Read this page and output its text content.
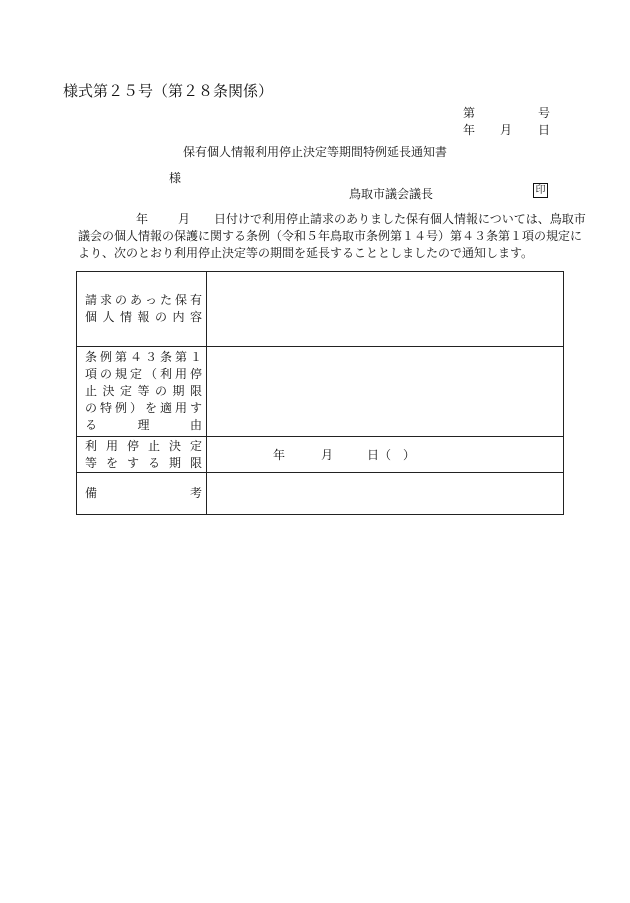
様式第２５号（第２８条関係）
第	号
年 月 日
保有個人情報利用停止決定等期間特例延長通知書
様
鳥取市議会議長	印
年	月 日付けで利用停止請求のありました保有個人情報については、鳥取市
議会の個人情報の保護に関する条例（令和５年鳥取市条例第１４号）第４３条第１項の規定に
より、次のとおり利用停止決定等の期間を延長することとしましたので通知します。
請求のあった保有
個人情報の内容	

条例第４３条第１
項の規定（利用停
止決定等の期限
の特例）を適用す
る　理　由	

利用停止決定
等をする期限	年 月 日（　）

備　　　考	
